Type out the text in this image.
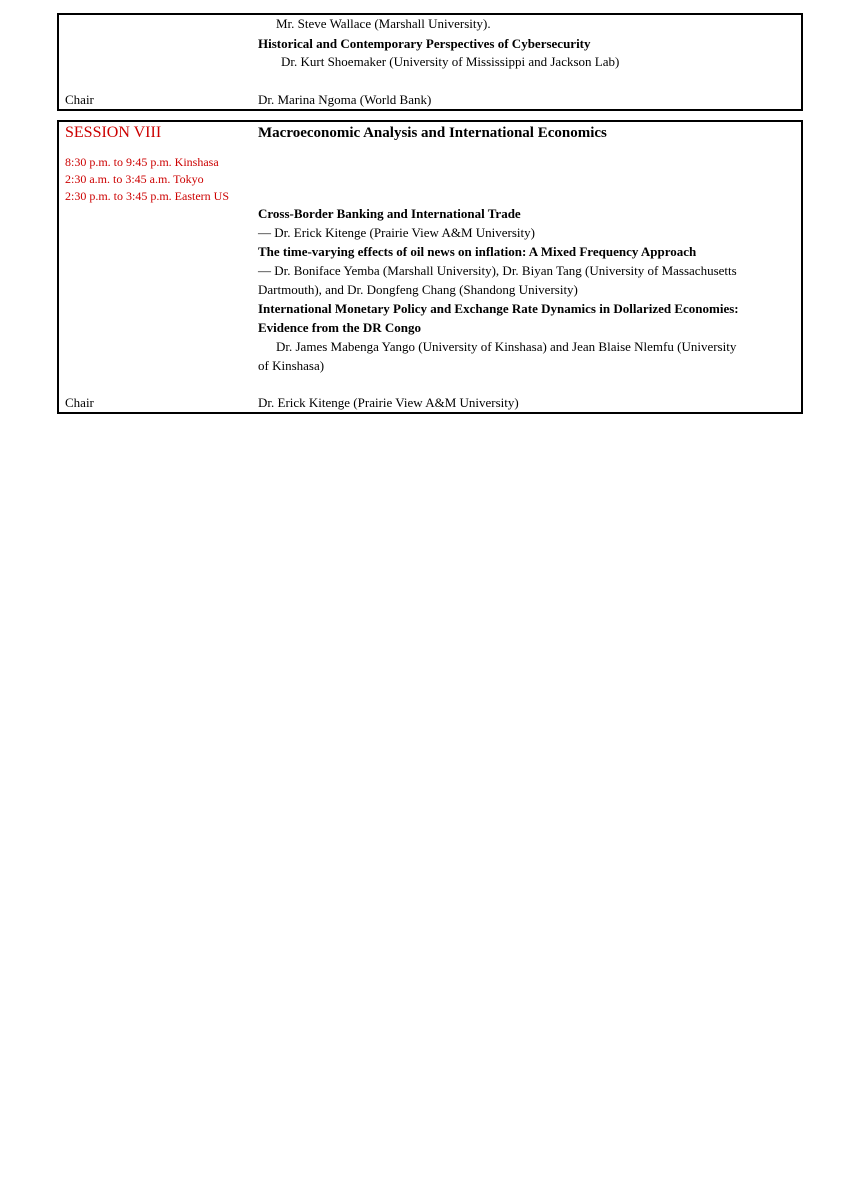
Mr. Steve Wallace (Marshall University).
Historical and Contemporary Perspectives of Cybersecurity
Dr. Kurt Shoemaker (University of Mississippi and Jackson Lab)
Chair	Dr. Marina Ngoma (World Bank)
SESSION VIII	Macroeconomic Analysis and International Economics
8:30 p.m. to 9:45 p.m. Kinshasa
2:30 a.m. to 3:45 a.m. Tokyo
2:30 p.m. to 3:45 p.m. Eastern US
Cross-Border Banking and International Trade
— Dr. Erick Kitenge (Prairie View A&M University)
The time-varying effects of oil news on inflation: A Mixed Frequency Approach
— Dr. Boniface Yemba (Marshall University), Dr. Biyan Tang (University of Massachusetts
Dartmouth), and Dr. Dongfeng Chang (Shandong University)
International Monetary Policy and Exchange Rate Dynamics in Dollarized Economies:
Evidence from the DR Congo
Dr. James Mabenga Yango (University of Kinshasa) and Jean Blaise Nlemfu (University
of Kinshasa)
Chair	Dr. Erick Kitenge (Prairie View A&M University)
